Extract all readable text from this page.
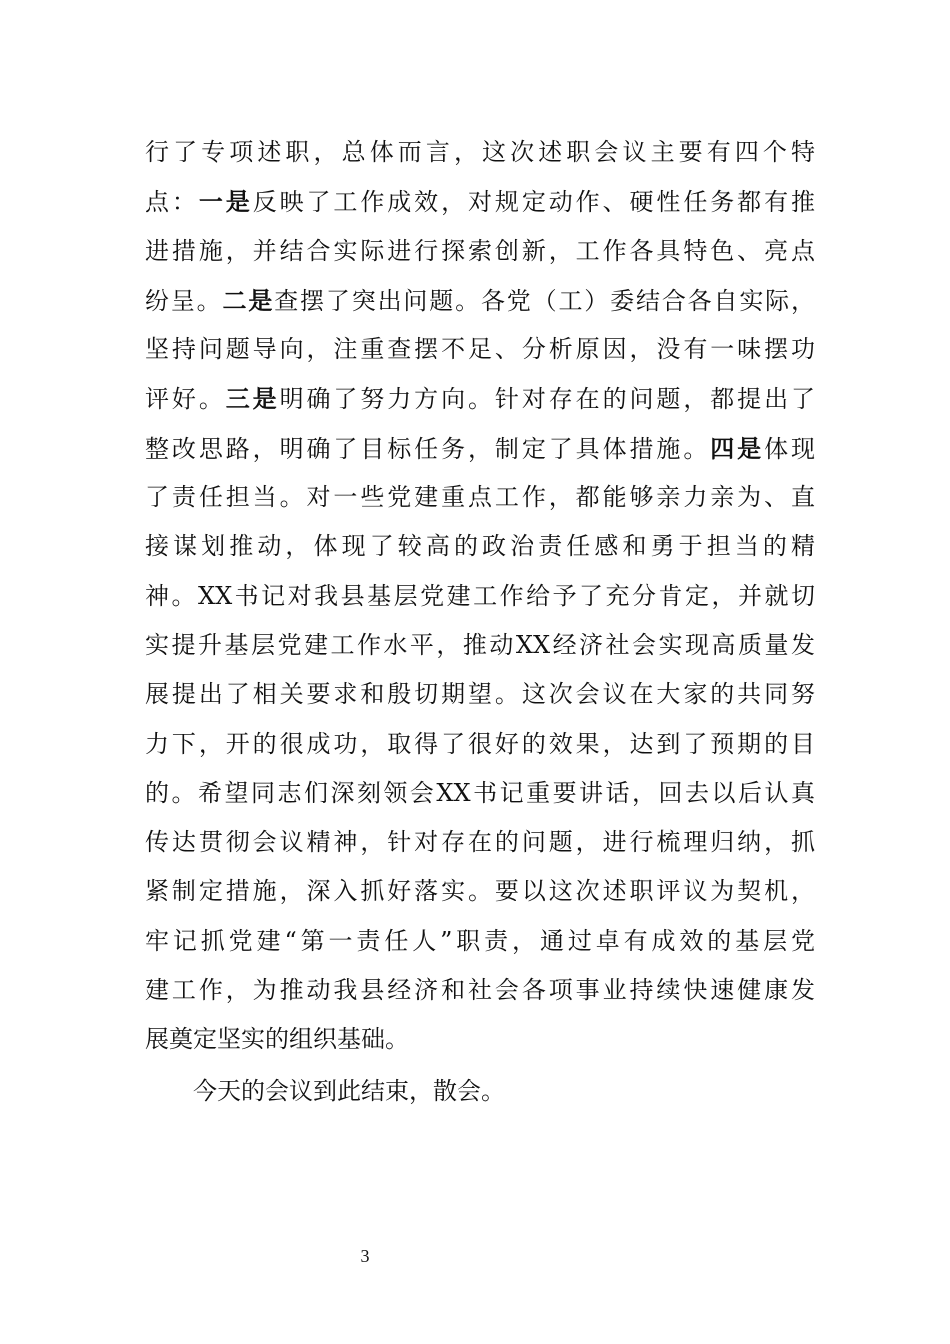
行了专项述职，总体而言，这次述职会议主要有四个特
点：一是反映了工作成效，对规定动作、硬性任务都有推
进措施，并结合实际进行探索创新，工作各具特色、亮点
纷呈。二是查摆了突出问题。各党（工）委结合各自实际，
坚持问题导向，注重查摆不足、分析原因，没有一味摆功
评好。三是明确了努力方向。针对存在的问题，都提出了
整改思路，明确了目标任务，制定了具体措施。四是体现
了责任担当。对一些党建重点工作，都能够亲力亲为、直
接谋划推动，体现了较高的政治责任感和勇于担当的精
神。XX书记对我县基层党建工作给予了充分肯定，并就切
实提升基层党建工作水平，推动XX经济社会实现高质量发
展提出了相关要求和殷切期望。这次会议在大家的共同努
力下，开的很成功，取得了很好的效果，达到了预期的目
的。希望同志们深刻领会XX书记重要讲话，回去以后认真
传达贯彻会议精神，针对存在的问题，进行梳理归纳，抓
紧制定措施，深入抓好落实。要以这次述职评议为契机，
牢记抓党建“第一责任人”职责，通过卓有成效的基层党
建工作，为推动我县经济和社会各项事业持续快速健康发
展奠定坚实的组织基础。
今天的会议到此结束，散会。
3
